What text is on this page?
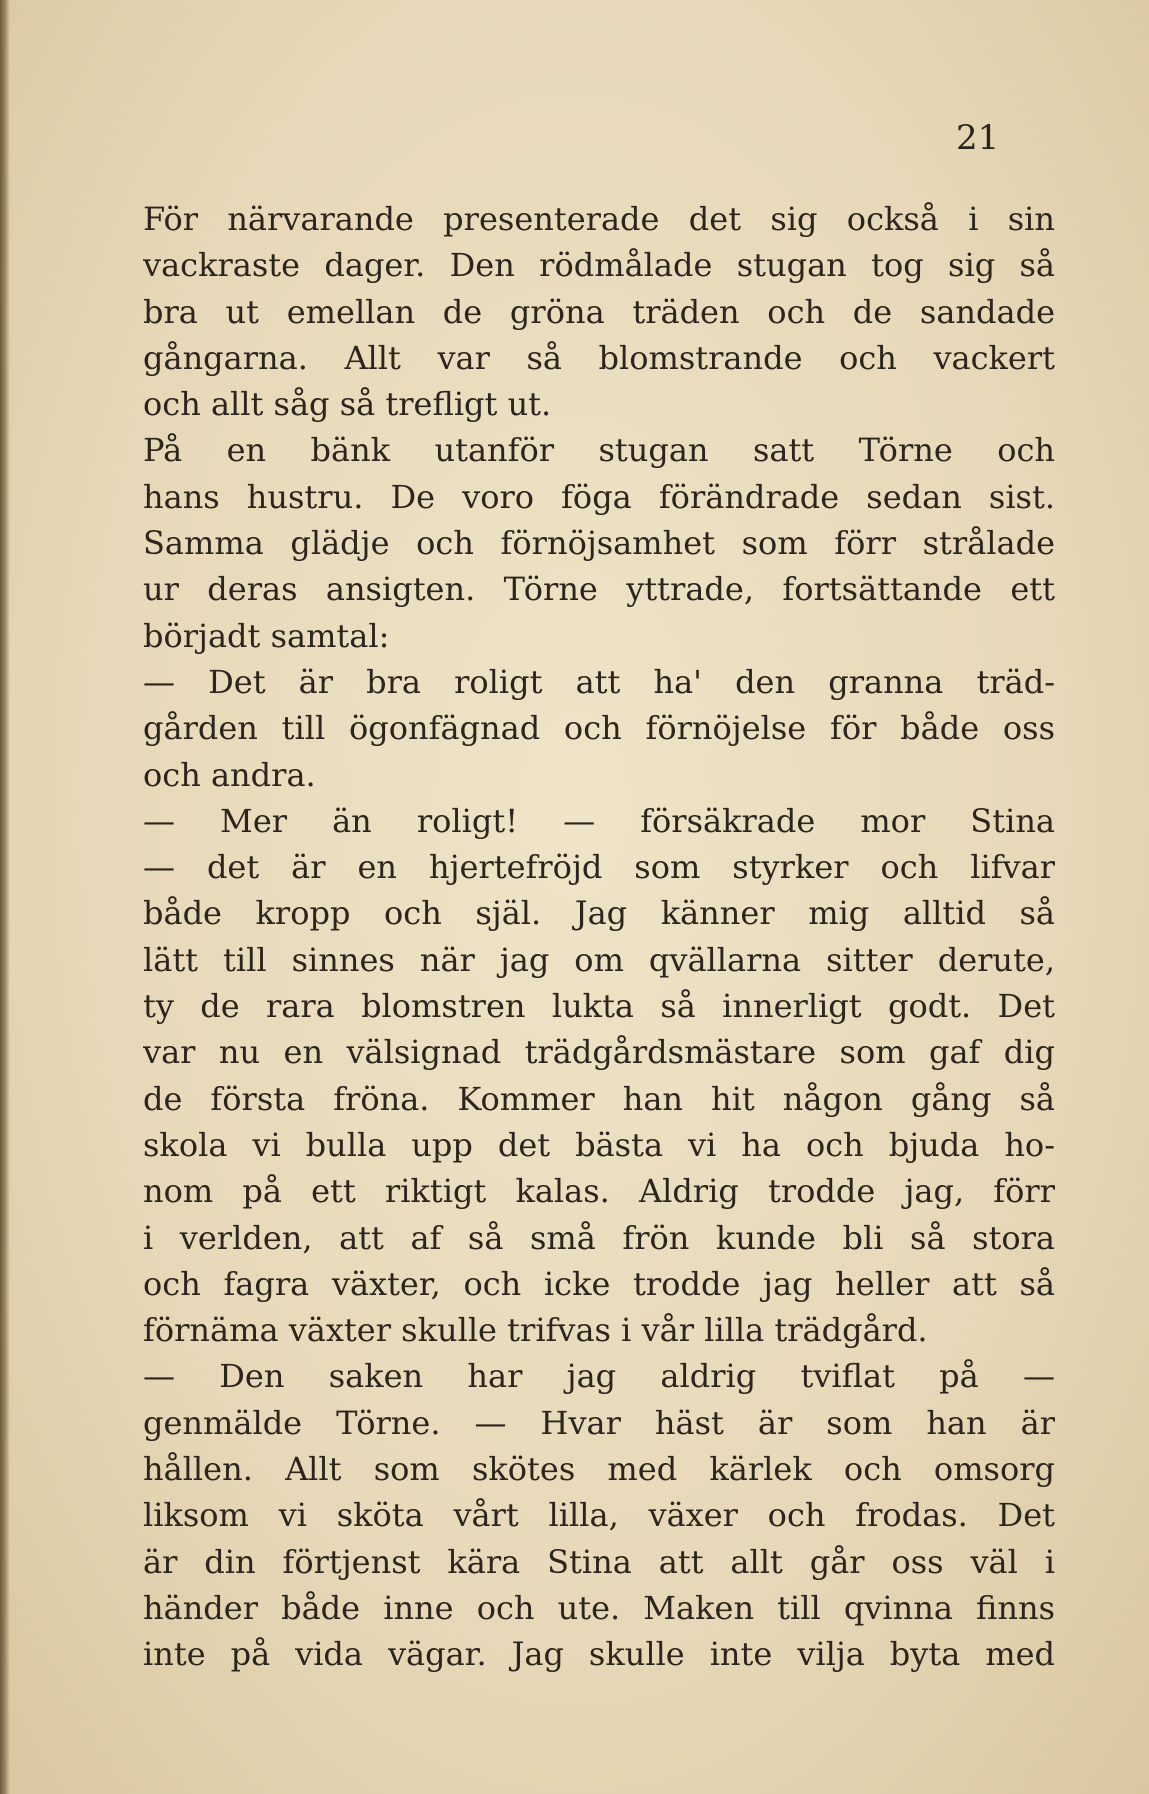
21

För närvarande presenterade det sig också i sin
vackraste dager. Den rödmålade stugan tog sig så
bra ut emellan de gröna träden och de sandade
gångarna. Allt var så blomstrande och vackert
och allt såg så trefligt ut.
På en bänk utanför stugan satt Törne och
hans hustru. De voro föga förändrade sedan sist.
Samma glädje och förnöjsamhet som förr strålade
ur deras ansigten. Törne yttrade, fortsättande ett
börjadt samtal:
— Det är bra roligt att ha' den granna träd-
gården till ögonfägnad och förnöjelse för både oss
och andra.
— Mer än roligt! — försäkrade mor Stina
— det är en hjertefröjd som styrker och lifvar
både kropp och själ. Jag känner mig alltid så
lätt till sinnes när jag om qvällarna sitter derute,
ty de rara blomstren lukta så innerligt godt. Det
var nu en välsignad trädgårdsmästare som gaf dig
de första fröna. Kommer han hit någon gång så
skola vi bulla upp det bästa vi ha och bjuda ho-
nom på ett riktigt kalas. Aldrig trodde jag, förr
i verlden, att af så små frön kunde bli så stora
och fagra växter, och icke trodde jag heller att så
förnäma växter skulle trifvas i vår lilla trädgård.
— Den saken har jag aldrig tviflat på —
genmälde Törne. — Hvar häst är som han är
hållen. Allt som skötes med kärlek och omsorg
liksom vi sköta vårt lilla, växer och frodas. Det
är din förtjenst kära Stina att allt går oss väl i
händer både inne och ute. Maken till qvinna finns
inte på vida vägar. Jag skulle inte vilja byta med
